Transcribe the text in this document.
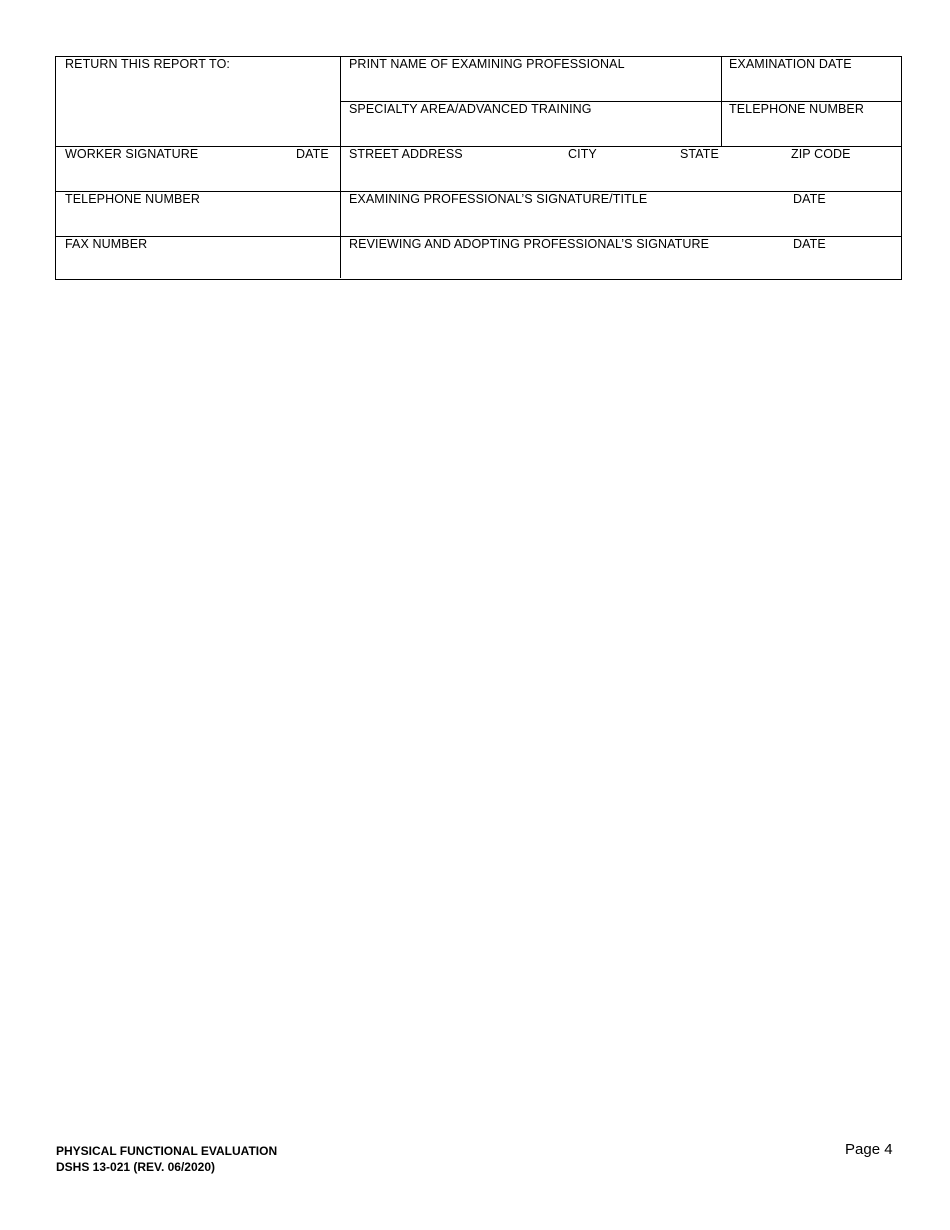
RETURN THIS REPORT TO:
WORKER SIGNATURE	DATE
TELEPHONE NUMBER
FAX NUMBER
PRINT NAME OF EXAMINING PROFESSIONAL	EXAMINATION DATE
SPECIALTY AREA/ADVANCED TRAINING	TELEPHONE NUMBER
STREET ADDRESS	CITY	STATE	ZIP CODE
EXAMINING PROFESSIONAL’S SIGNATURE/TITLE	DATE
REVIEWING AND ADOPTING PROFESSIONAL’S SIGNATURE	DATE
PHYSICAL FUNCTIONAL EVALUATION
DSHS 13-021 (REV. 06/2020)
Page 4
